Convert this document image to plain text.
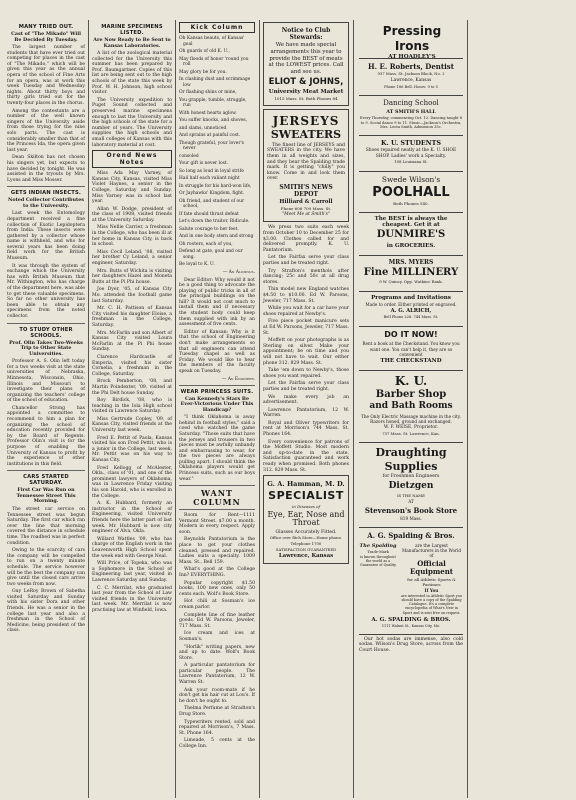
MANY TRIED OUT.
Cast of "The Mikado" Will Be Decided By Tuesday.

The largest number of students that have ever tried out competing for places in the cast of "The Mikado," which will be given this year as the annual opera of the school of Fine Arts for an opera, was at work this week Tuesday and Wednesday nights. About thirty boys and thirty girls tried out for the twenty-four places in the chorus.

Among the contestants are a number of the well known singers of the University aside from those trying for the nine solo parts. The cast is considerably smaller than that of the Princess Ida, the opera given last year.

Dean Skilton has not chosen his singers yet, but expects to have decided by tonight. He was assisted in the tryouts by Mrs. Lyons and Miss Mosser.

GETS INDIAN INSECTS.
Noted Collector Contributes to the University.

Last week the Entomology department received a fine collection of Exotic Lepidoptera from India. These insects were gathered by a collector whose name is withheld, and who for several years has been doing field work for the British Museum.

It was through the system of exchange which the University has with British Museum that Mr. Withington, who has charge of the department here, was able to get these valuable specimens. So far no other university has been able to obtain any specimens from the noted collector.

TO STUDY OTHER SCHOOLS.
Prof. Olin Takes Two-Weeks Trip to Other State Universities.

Professor A. S. Olin left today for a two weeks visit at the state universities of Nebraska, Minnesota, Wisconsin, Ohio, Illinois and Missouri to investigate their plans of organizing the teachers' college of the school of education.

Chancellor Strong has appointed a committee to recommend to him a plan for organizing the school of education recently provided for by the Board of Regents. Professor Olin's visit is for the purpose of enabling the University of Kansas to profit by the experience of other institutions in this field.

CARS STARTED SATURDAY.
First Car Was Run on Tennessee Street This Morning.

The street car service on Tennessee street was begun Saturday. The first car which ran over the line that morning covered the distance in schedule time. The roadbed was in perfect condition.

Owing to the scarcity of cars the company will be compelled to run on a twenty minute schedule. The service however will be the best the company can give until the closed cars arrive two weeks from now.

Guy LeRoy Brown of Sabetha visited Saturday and Sunday with his sister Dora and other friends. He was a senior in the college last year and also a freshman in the School of Medicine, being president of the class.

MARINE SPECIMENS LISTED.
Are Now Ready to Be Sent to Kansas Laboratories.

A list of the zoological material collected for the University this summer has been prepared by Prof. Baumgartner. Copies of this list are being sent out to the high schools of the state this week by Prof. W. H. Johnson, high school visitor.

The University expedition to Puget Sound collected and preserved marine specimens enough to last the University and the high schools of the state for a number of years. The University supplies the high schools and small colleges of Kansas with this laboratory material at cost.

Orend News Notes

Miss Ada May Varney, of Kansas City, Kansas, visited Miss Violet Haynes, a senior in the College, Saturday and Sunday. Miss Varney was in school last year.

Allan W. Dodge, president of the class of 1908, visited friends at the University Saturday.

Miss Nellie Carrier, a freshman in the College, who has been ill at her home in Kansas City, is back in school.

Miss Cecil Leland, '08, visited her brother Cy Leland, a senior engineer, Saturday.

Mrs. Butts of Wichita is visiting her daughters Hazel and Moneta Butts at the Pi Phi house.

Joe Dyer, '05, of Kansas City Mo. attended the football game last Saturday.

Mr. C. H. Pattison of Kansas City visited his daughter Eloise, a freshman in the College, Saturday.

Mrs. McFarlin and son Albert of Kansas City visited Loura McFarlin at the Pi Phi house Sunday.

Clarence Hardcastle of Emporia, visited his sister Cornelia, a freshman in the College, Saturday.

Brock Pemberton, '08, and Martin Poindexter, '09, visited at the Phi Delt house Sunday.

Roy Birdick, '08, who is teaching in the Iola High school visited in Lawrence Saturday.

Miss Gertrude Copley, '09, of Kansas City, visited friends at the University last week.

Fred E. Pettit of Paola, Kansas visited his son Fred Pettit, who is a junior in the College, last week. Mr. Pettit was on his way to Kansas City.

Fred Kellogg of McAlester, Okla., class of '01, and one of the prominent lawyers of Oklahoma, was in Lawrence Friday visiting his son Harold, who is enrolled in the College.

A. K. Hubbard, formerly an instructor in the School of Engineering, visited University friends here the latter part of last week. Mr. Hubbard is now city engineer of Alva, Okla.

Willard Wattles '09, who has charge of the English work in the Leavenworth High School spent the week end with George Neal.

Will Price, of Topeka, who was a Sophomore in the School of Engineering last year, visited in Lawrence Saturday and Sunday.

C. C. Merrilat, who graduated last year from the School of Law visited friends in the University last week. Mr. Merrilat is now practising law at Winfield, Iowa.

Kick Column
Oh Kansas beauts, of Kansas' goal
Oh guards of old K. U.,
May floods of honor 'round you roll
May glory be for you.
In clashing dust and scrimmage low
Or flashing shins or mine,
You grapple, tumble, struggle, run
With honest hearts aglow.
You suffer knocks, and shoves,
and slams, unnoticed
And sprains at painful cost.
Though grateful, your lover's never
consoled
Your gift is never lost.
So long as loud in loyal strife
Hail half each valiant night
In struggle for his hard-won life,
Or Jayhawks' Kingdom, fight.
Oh friend, and student of our school,
If fate should thrust defeat
Let's down the traitor, Ridicule.
Salute courage to her feet.
And in one body stern and strong
Oh rooters, each of you,
Defend at gate, goal and our song.
Be loyal to K. U.
— An Alumnus.

Dear Editor: Why would it not be a good thing to advocate the playing of public tricks in all of the principal buildings on the hill? It would not cost much to install them and if necessary the student body could keep them supplied with ink by an assessment of five cents.

Editor of Kansan: Why is it that the school of Engineering don't make arrangements so that all engineers can attend Tuesday chapel as well as Friday. We would like to hear the members of the faculty speak on Tuesday.

— An Engineer.
WEAR PRINCESS SUITS.
Can Kennedy's Stars Be Ever-Victorious Under This Handicap?

"I think Oklahoma is away behind in football styles," said a coed who watched the game Saturday. "Those suits that have the jerseys and trousers in two pieces must be awfully unhandy and embarrassing to wear, for the two pieces are always pulling apart. I should think the Oklahoma players would get Princess suits, such as our boys wear."

WANT COLUMN

Room for Rent—1111 Vermont Street. $7.00 a month. Modern in every respect. Apply soon.

Reynolds Pantatorium is the place to get your clothes cleaned, pressed and repaired. Ladies suits a specialty. 1009 Mass. St., Bell 159.

What's good at the College Inn? EVERYTHING.

Popular copyright $1.50 books, 100 new ones, only 50 cents each. Wolf's Book Store.

Hot chili at Sosman's ice cream parlor.

Complete line of fine leather goods. Ed W. Parsons, Jeweler, 717 Mass. St.

Ice cream and ices at Sosman's.

"Horlik" writing papers, new and up to date. Wolf's Book Store.

A particular pantatorium for particular people. The Lawrence Pantatorium, 12 W. Warren St.

Ask your room-mate if he don't get his hair cut at Lou's. If he don't he ought to.

Thelma Perfume at Stradton's Drug Store.

Typewriters rented, sold and repaired at Morrison's, 7 Mass. St. Phone 164.

Limeade, 5 cents at the College Inn.

Notice to Club Stewards:
We have made special arrangements this year to provide the BEST of meats at the LOWEST prices. Call and see us.
ELIOT & JOHNS,
University Meat Market
1015 Mass. St. Both Phones 84
JERSEYS
SWEATERS

The finest line of JERSEYS and SWEATERS in the city. We have them in all weights and sizes, and they bear the Spalding trade mark. It is getting "chilly" you know. Come in and look them over.

SMITH'S NEWS DEPOT
Hilliard & Carroll
Phone 608 709 Mass. St.
"Meet Me at Smith's"

We press two suits each week from October 10 to December 25 for $3.00. Clothes called for and delivered promptly. K. U. Pantatorium.

Let the Fairfax serve your class parties and be treated right.

Try Strafton's menthols after dancing; 25c and 50c at all drug stores.

Thin model new England watches $4.50 to $10.00. Ed W. Parsons, Jeweler, 717 Mass. St.

While you wait for a car have your shoes repaired at Newby's.

Five piece pocket manicure sets at Ed W. Parsons, Jeweler, 717 Mass. St.

Moffett on your photographs is as Sterling on silver. Make your appointment; be on time and you will not have to wait. Our either phone 312. 829 Mass. St.

Take 'em down to Newby's, those shoes you want repaired.

Let the Fairfax serve your class parties and be treated right.

We make every job an advertisement.

Lawrence Pantatorium, 12 W. Warren.

Royal and Oliver typewriters for rent at Morrison's 744 Mass. St. Phones 164.

Every convenience for patrons of the Moffett Studio. Most modern and up-to-date in the state. Satisfaction guaranteed and work ready when promised. Both phones 312. 829 Mass. St.

G. A. Hamman, M. D.
SPECIALIST
in Diseases of
Eye, Ear, Nose and Throat
Glasses Accurately Fitted.
Office over Rich Store—Home phone.
Telephone 1700
SATISFACTION GUARANTEED
Lawrence, Kansas
Pressing
Irons
AT HOADLEY'S
H. E. Roberts, Dentist
937 Mass. St. Jackson Block, No. 2
Lawrence, Kansas
Phone 186 Bell. Hours: 9 to 5
Dancing School
AT SMITH'S HALL
Every Thursday, commencing Oct. 12. Dancing taught 8 to 9. Social dance 9 to 11. Music—Jackson's Orchestra, Mrs. Leota Smith, Admission 35c.
K. U. STUDENTS
Shoes repaired neatly at the K. U. SHOE SHOP. Ladies' work a Specialty.
108 Louisiana St.
Swede Wilson's
POOLHALL
Both Phones 540.
The BEST is always the cheapest. Get it at
DUNMIRE'S
in GROCERIES.
MRS. MYERS
Fine MILLINERY
9 W. Quincy. Opp. Watkins' Bank.
Programs and Invitations
Made to order. Either printed or engraved.
A. G. ALRICH,
Bell Phone 228. 744 Mass. St.
DO IT NOW!
Rent a book at the Checkstand. You know you want one. You can't help it, they are so convenient
THE CHECKSTAND
K. U.
Barber Shop
and Bath Rooms
The Only Electric Massage machine in the city. Razors honed, ground and exchanged.
W. F. WEISE, Proprietor.
737 Mass. St. Lawrence, Kan.
Draughting
Supplies
for Freshmen Engineers
Dietzgen
IS THE NAME
AT
Stevenson's Book Store
819 Mass.
A. G. Spalding & Bros.
The Spalding
Trade-Mark
is known throughout the world as a Guarantee of Quality
are the Largest Manufacturers in the World of
Official Equipment
for all Athletic Sports & Pastimes
If You
are interested in Athletic Sport you should have a copy of the Spalding Catalogue. It's a complete encyclopedia of What's New in Sport and is sent free on request.
A. G. SPALDING & BROS.
1111 Walnut St., Kansas City, Mo.

Our hot sodas are immense, also cold sodas. Wilson's Drug Store, across from the Court House.
